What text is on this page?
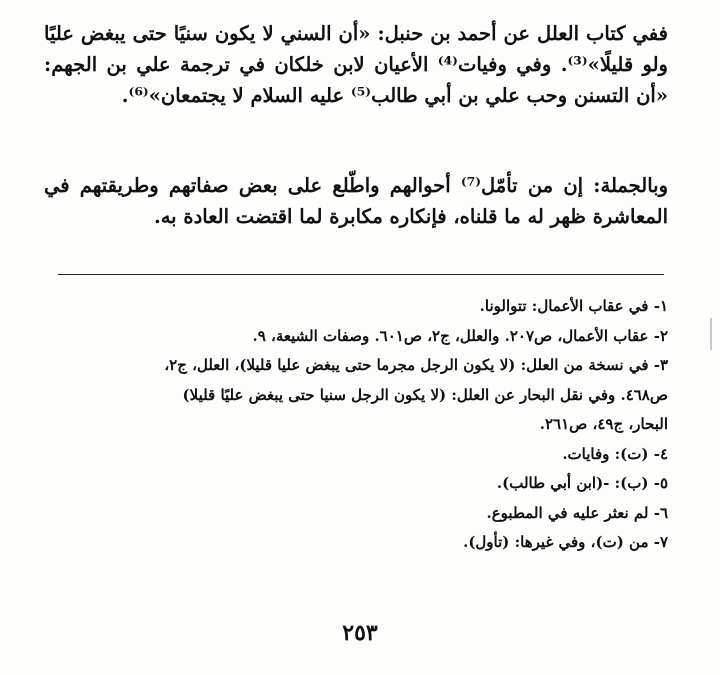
ففي كتاب العلل عن أحمد بن حنبل: «أن السني لا يكون سنيًا حتى يبغض عليًا ولو قليلًا»⁽³⁾. وفي وفيات⁽⁴⁾ الأعيان لابن خلكان في ترجمة علي بن الجهم: «أن التسنن وحب علي بن أبي طالب⁽⁵⁾ عليه السلام لا يجتمعان»⁽⁶⁾.

وبالجملة: إن من تأمّل⁽⁷⁾ أحوالهم واطّلع على بعض صفاتهم وطريقتهم في المعاشرة ظهر له ما قلناه، فإنكاره مكابرة لما اقتضت العادة به.

١- في عقاب الأعمال: تتوالونا.

٢- عقاب الأعمال، ص٢٠٧. والعلل، ج٢، ص٦٠١. وصفات الشيعة، ٩.

٣- في نسخة من العلل: (لا يكون الرجل مجرما حتى يبغض عليا قليلا)، العلل، ج٢،

ص٤٦٨. وفي نقل البحار عن العلل: (لا يكون الرجل سنيا حتى يبغض عليًا قليلا)

البحار، ج٤٩، ص٢٦١.

٤- (ت): وفايات.

٥- (ب): -(ابن أبي طالب).

٦- لم نعثر عليه في المطبوع.

٧- من (ت)، وفي غيرها: (تأول).

٢٥٣
